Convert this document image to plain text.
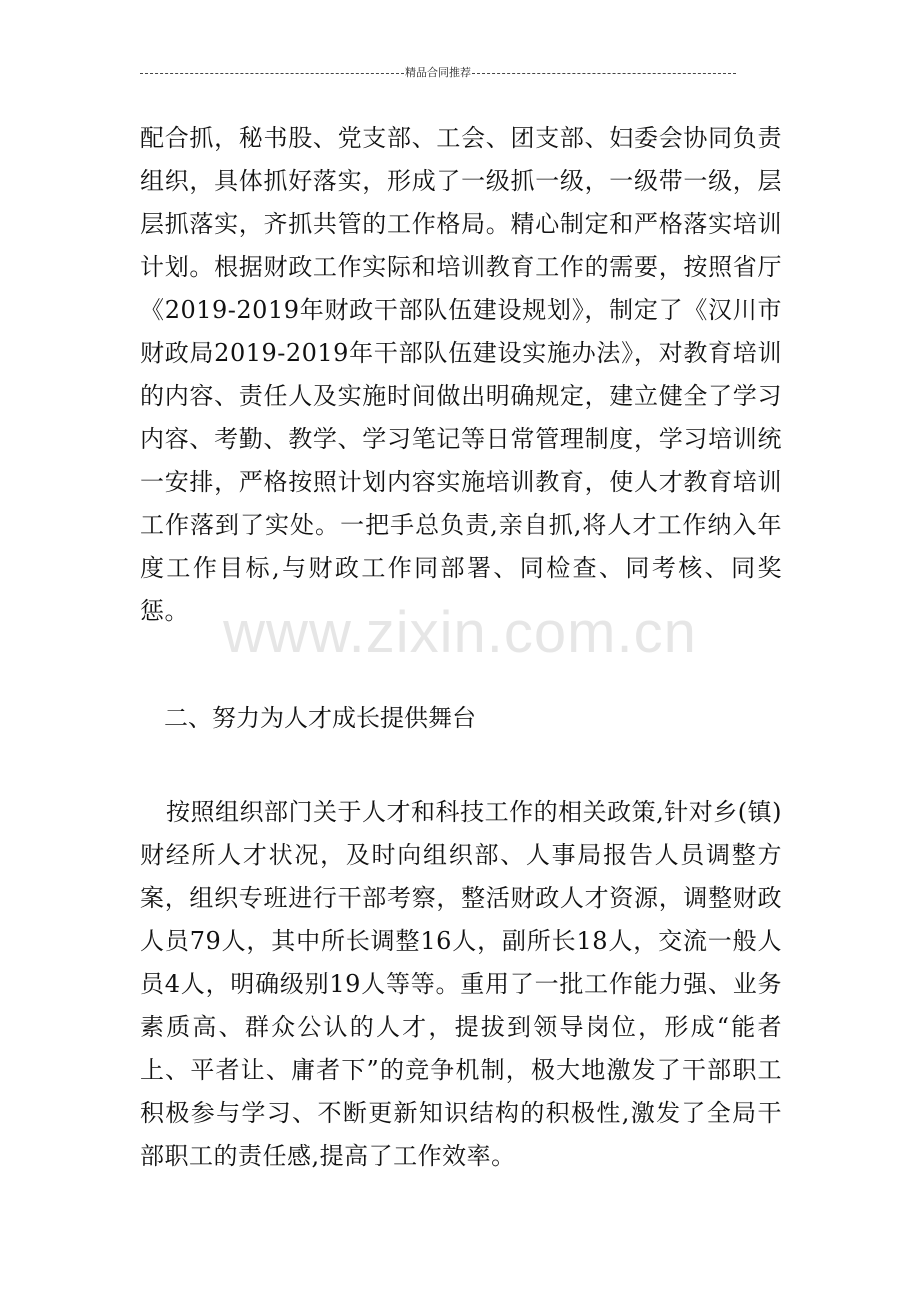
精品合同推荐
配合抓，秘书股、党支部、工会、团支部、妇委会协同负责组织，具体抓好落实，形成了一级抓一级，一级带一级，层层抓落实，齐抓共管的工作格局。精心制定和严格落实培训计划。根据财政工作实际和培训教育工作的需要，按照省厅《2019-2019年财政干部队伍建设规划》，制定了《汉川市财政局2019-2019年干部队伍建设实施办法》，对教育培训的内容、责任人及实施时间做出明确规定，建立健全了学习内容、考勤、教学、学习笔记等日常管理制度，学习培训统一安排，严格按照计划内容实施培训教育，使人才教育培训工作落到了实处。一把手总负责,亲自抓,将人才工作纳入年度工作目标,与财政工作同部署、同检查、同考核、同奖惩。 www.zixin.com.cn
二、努力为人才成长提供舞台
按照组织部门关于人才和科技工作的相关政策,针对乡(镇)财经所人才状况，及时向组织部、人事局报告人员调整方案，组织专班进行干部考察，整活财政人才资源，调整财政人员79人，其中所长调整16人，副所长18人，交流一般人员4人，明确级别19人等等。重用了一批工作能力强、业务素质高、群众公认的人才，提拔到领导岗位，形成“能者上、平者让、庸者下”的竞争机制，极大地激发了干部职工积极参与学习、不断更新知识结构的积极性,激发了全局干部职工的责任感,提高了工作效率。
